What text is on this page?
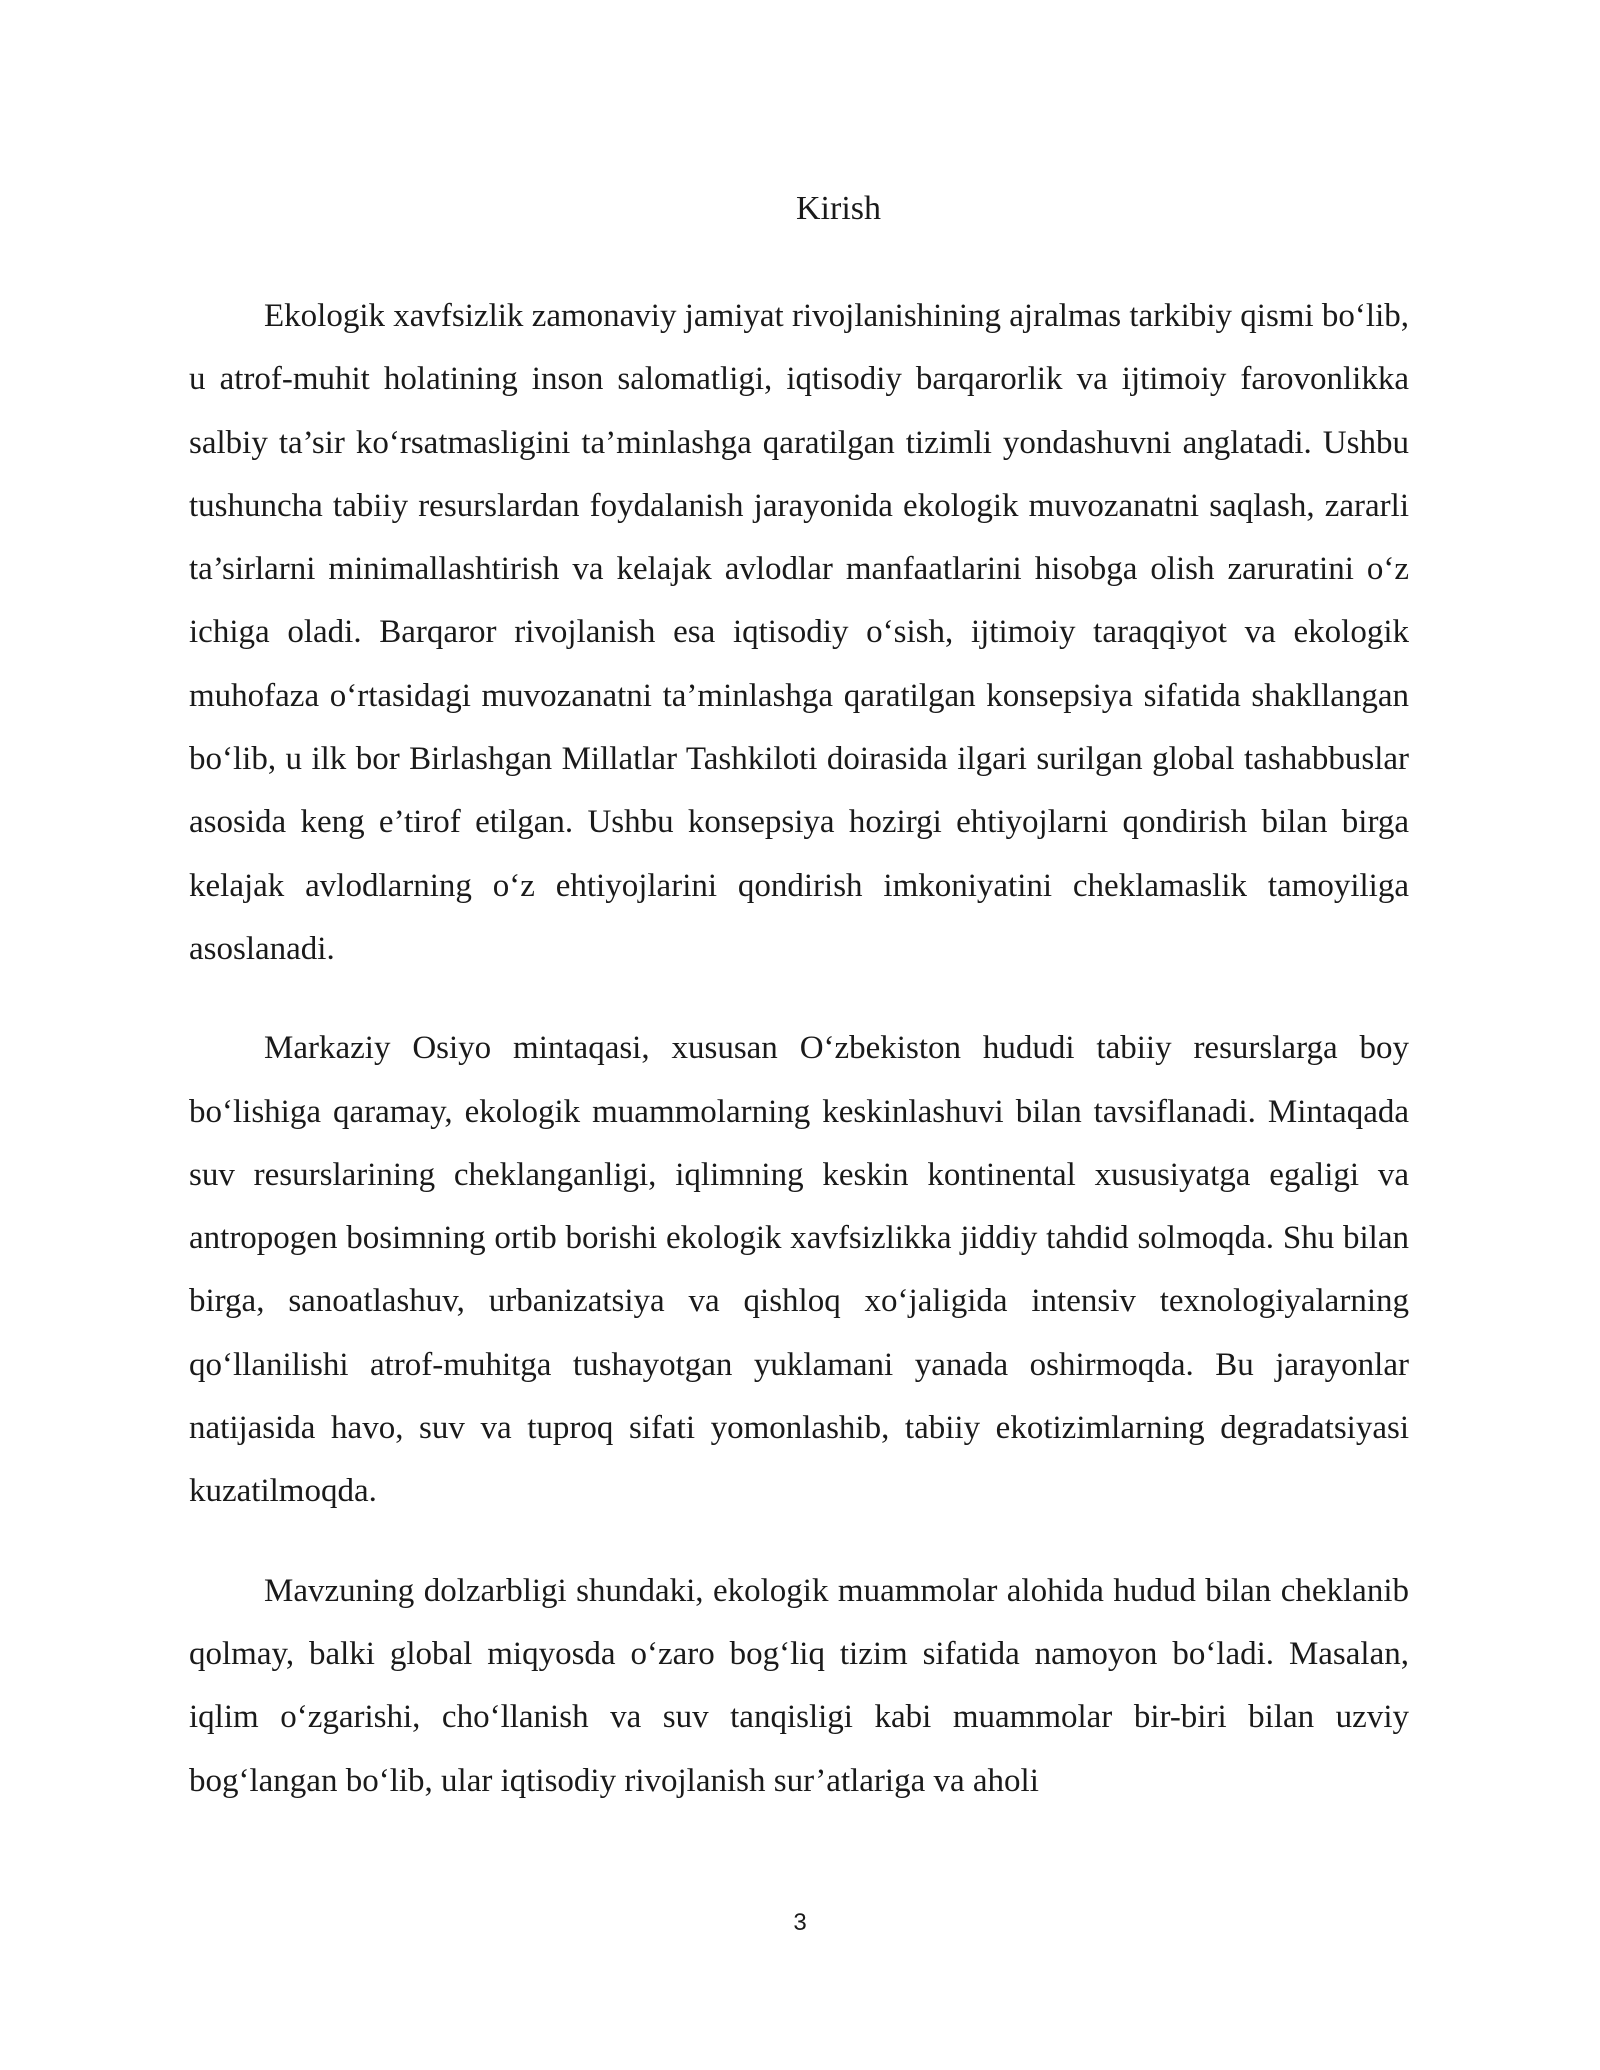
Kirish

Ekologik xavfsizlik zamonaviy jamiyat rivojlanishining ajralmas tarkibiy qismi bo‘lib, u atrof-muhit holatining inson salomatligi, iqtisodiy barqarorlik va ijtimoiy farovonlikka salbiy ta’sir ko‘rsatmasligini ta’minlashga qaratilgan tizimli yondashuvni anglatadi. Ushbu tushuncha tabiiy resurslardan foydalanish jarayonida ekologik muvozanatni saqlash, zararli ta’sirlarni minimallashtirish va kelajak avlodlar manfaatlarini hisobga olish zaruratini o‘z ichiga oladi. Barqaror rivojlanish esa iqtisodiy o‘sish, ijtimoiy taraqqiyot va ekologik muhofaza o‘rtasidagi muvozanatni ta’minlashga qaratilgan konsepsiya sifatida shakllangan bo‘lib, u ilk bor Birlashgan Millatlar Tashkiloti doirasida ilgari surilgan global tashabbuslar asosida keng e’tirof etilgan. Ushbu konsepsiya hozirgi ehtiyojlarni qondirish bilan birga kelajak avlodlarning o‘z ehtiyojlarini qondirish imkoniyatini cheklamaslik tamoyiliga asoslanadi.

Markaziy Osiyo mintaqasi, xususan O‘zbekiston hududi tabiiy resurslarga boy bo‘lishiga qaramay, ekologik muammolarning keskinlashuvi bilan tavsiflanadi. Mintaqada suv resurslarining cheklanganligi, iqlimning keskin kontinental xususiyatga egaligi va antropogen bosimning ortib borishi ekologik xavfsizlikka jiddiy tahdid solmoqda. Shu bilan birga, sanoatlashuv, urbanizatsiya va qishloq xo‘jaligida intensiv texnologiyalarning qo‘llanilishi atrof-muhitga tushayotgan yuklamani yanada oshirmoqda. Bu jarayonlar natijasida havo, suv va tuproq sifati yomonlashib, tabiiy ekotizimlarning degradatsiyasi kuzatilmoqda.

Mavzuning dolzarbligi shundaki, ekologik muammolar alohida hudud bilan cheklanib qolmay, balki global miqyosda o‘zaro bog‘liq tizim sifatida namoyon bo‘ladi. Masalan, iqlim o‘zgarishi, cho‘llanish va suv tanqisligi kabi muammolar bir-biri bilan uzviy bog‘langan bo‘lib, ular iqtisodiy rivojlanish sur’atlariga va aholi

3
